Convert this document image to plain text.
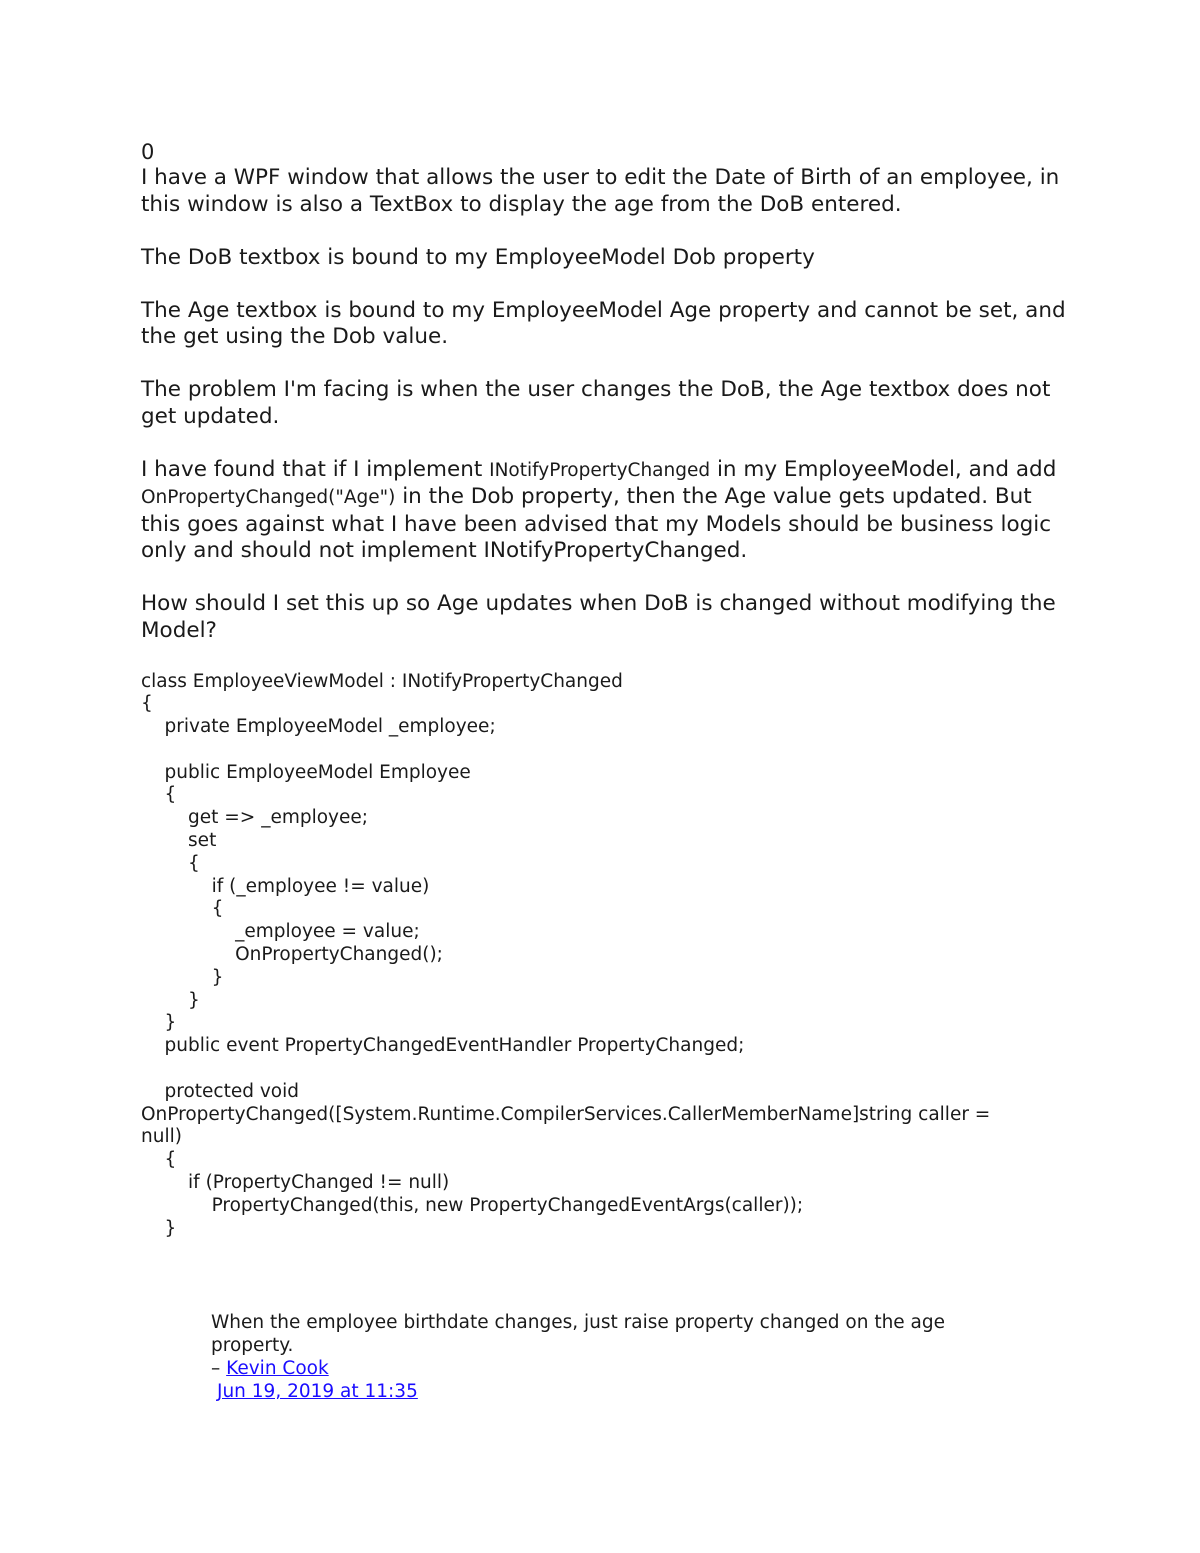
0

I have a WPF window that allows the user to edit the Date of Birth of an employee, in this window is also a TextBox to display the age from the DoB entered.

The DoB textbox is bound to my EmployeeModel Dob property

The Age textbox is bound to my EmployeeModel Age property and cannot be set, and the get using the Dob value.

The problem I'm facing is when the user changes the DoB, the Age textbox does not get updated.

I have found that if I implement INotifyPropertyChanged in my EmployeeModel, and add OnPropertyChanged("Age") in the Dob property, then the Age value gets updated. But this goes against what I have been advised that my Models should be business logic only and should not implement INotifyPropertyChanged.

How should I set this up so Age updates when DoB is changed without modifying the Model?

class EmployeeViewModel : INotifyPropertyChanged
{
private EmployeeModel _employee;

public EmployeeModel Employee
{
get => _employee;
set
{
if (_employee != value)
{
_employee = value;
OnPropertyChanged();
}
}
}
public event PropertyChangedEventHandler PropertyChanged;

protected void
OnPropertyChanged([System.Runtime.CompilerServices.CallerMemberName]string caller =
null)
{
if (PropertyChanged != null)
PropertyChanged(this, new PropertyChangedEventArgs(caller));
}
When the employee birthdate changes, just raise property changed on the age property.
– Kevin Cook
Jun 19, 2019 at 11:35
